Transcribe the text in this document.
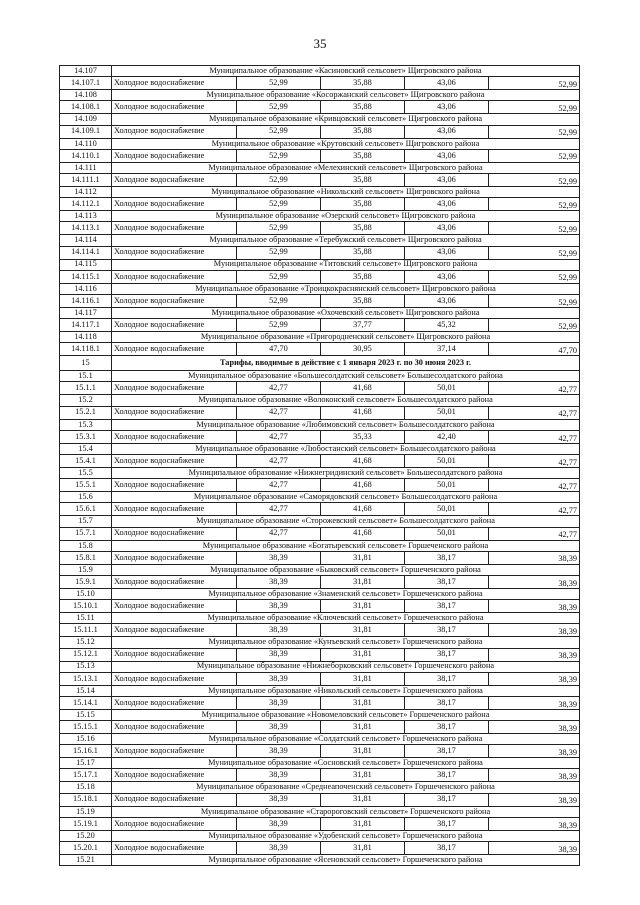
35
14.107	Муниципальное образование «Касиновский сельсовет» Щигровского района				
14.107.1	Холодное водоснабжение	52,99	35,88	43,06	52,99
14.108	Муниципальное образование «Косоржанский сельсовет» Щигровского района				
14.108.1	Холодное водоснабжение	52,99	35,88	43,06	52,99
14.109	Муниципальное образование «Кривцовский сельсовет» Щигровского района				
14.109.1	Холодное водоснабжение	52,99	35,88	43,06	52,99
14.110	Муниципальное образование «Крутовский сельсовет» Щигровского района				
14.110.1	Холодное водоснабжение	52,99	35,88	43,06	52,99
14.111	Муниципальное образование «Мелехинский сельсовет» Щигровского района				
14.111.1	Холодное водоснабжение	52,99	35,88	43,06	52,99
14.112	Муниципальное образование «Никольский сельсовет» Щигровского района				
14.112.1	Холодное водоснабжение	52,99	35,88	43,06	52,99
14.113	Муниципальное образование «Озерский сельсовет» Щигровского района				
14.113.1	Холодное водоснабжение	52,99	35,88	43,06	52,99
14.114	Муниципальное образование «Теребужский сельсовет» Щигровского района				
14.114.1	Холодное водоснабжение	52,99	35,88	43,06	52,99
14.115	Муниципальное образование «Титовский сельсовет» Щигровского района				
14.115.1	Холодное водоснабжение	52,99	35,88	43,06	52,99
14.116	Муниципальное образование «Троицкокраснянский сельсовет» Щигровского района				
14.116.1	Холодное водоснабжение	52,99	35,88	43,06	52,99
14.117	Муниципальное образование «Охочевский сельсовет» Щигровского района				
14.117.1	Холодное водоснабжение	52,99	37,77	45,32	52,99
14.118	Муниципальное образование «Пригородненский сельсовет» Щигровского района				
14.118.1	Холодное водоснабжение	47,70	30,95	37,14	47,70
15	Тарифы, вводимые в действие с 1 января 2023 г. по 30 июня 2023 г.				
15.1	Муниципальное образование «Большесолдатский сельсовет» Большесолдатского района				
15.1.1	Холодное водоснабжение	42,77	41,68	50,01	42,77
15.2	Муниципальное образование «Волоконский сельсовет» Большесолдатского района				
15.2.1	Холодное водоснабжение	42,77	41,68	50,01	42,77
15.3	Муниципальное образование «Любимовский сельсовет» Большесолдатского района				
15.3.1	Холодное водоснабжение	42,77	35,33	42,40	42,77
15.4	Муниципальное образование «Любостанский сельсовет» Большесолдатского района				
15.4.1	Холодное водоснабжение	42,77	41,68	50,01	42,77
15.5	Муниципальное образование «Нижнегридинский сельсовет» Большесолдатского района				
15.5.1	Холодное водоснабжение	42,77	41,68	50,01	42,77
15.6	Муниципальное образование «Саморядовский сельсовет» Большесолдатского района				
15.6.1	Холодное водоснабжение	42,77	41,68	50,01	42,77
15.7	Муниципальное образование «Сторожевский сельсовет» Большесолдатского района				
15.7.1	Холодное водоснабжение	42,77	41,68	50,01	42,77
15.8	Муниципальное образование «Богатыревский сельсовет» Горшеченского района				
15.8.1	Холодное водоснабжение	38,39	31,81	38,17	38,39
15.9	Муниципальное образование «Быковский сельсовет» Горшеченского района				
15.9.1	Холодное водоснабжение	38,39	31,81	38,17	38,39
15.10	Муниципальное образование «Знаменский сельсовет» Горшеченского района				
15.10.1	Холодное водоснабжение	38,39	31,81	38,17	38,39
15.11	Муниципальное образование «Ключевский сельсовет» Горшеченского района				
15.11.1	Холодное водоснабжение	38,39	31,81	38,17	38,39
15.12	Муниципальное образование «Кунъевский сельсовет» Горшеченского района				
15.12.1	Холодное водоснабжение	38,39	31,81	38,17	38,39
15.13	Муниципальное образование «Нижнеборковский сельсовет» Горшеченского района				
15.13.1	Холодное водоснабжение	38,39	31,81	38,17	38,39
15.14	Муниципальное образование «Никольский сельсовет» Горшеченского района				
15.14.1	Холодное водоснабжение	38,39	31,81	38,17	38,39
15.15	Муниципальное образование «Новомеловский сельсовет» Горшеченского района				
15.15.1	Холодное водоснабжение	38,39	31,81	38,17	38,39
15.16	Муниципальное образование «Солдатский сельсовет» Горшеченского района				
15.16.1	Холодное водоснабжение	38,39	31,81	38,17	38,39
15.17	Муниципальное образование «Сосновский сельсовет» Горшеченского района				
15.17.1	Холодное водоснабжение	38,39	31,81	38,17	38,39
15.18	Муниципальное образование «Среднеапоченский сельсовет» Горшеченского района				
15.18.1	Холодное водоснабжение	38,39	31,81	38,17	38,39
15.19	Муниципальное образование «Старороговский сельсовет» Горшеченского района				
15.19.1	Холодное водоснабжение	38,39	31,81	38,17	38,39
15.20	Муниципальное образование «Удобенский сельсовет» Горшеченского района				
15.20.1	Холодное водоснабжение	38,39	31,81	38,17	38,39
15.21	Муниципальное образование «Ясеновский сельсовет» Горшеченского района				
